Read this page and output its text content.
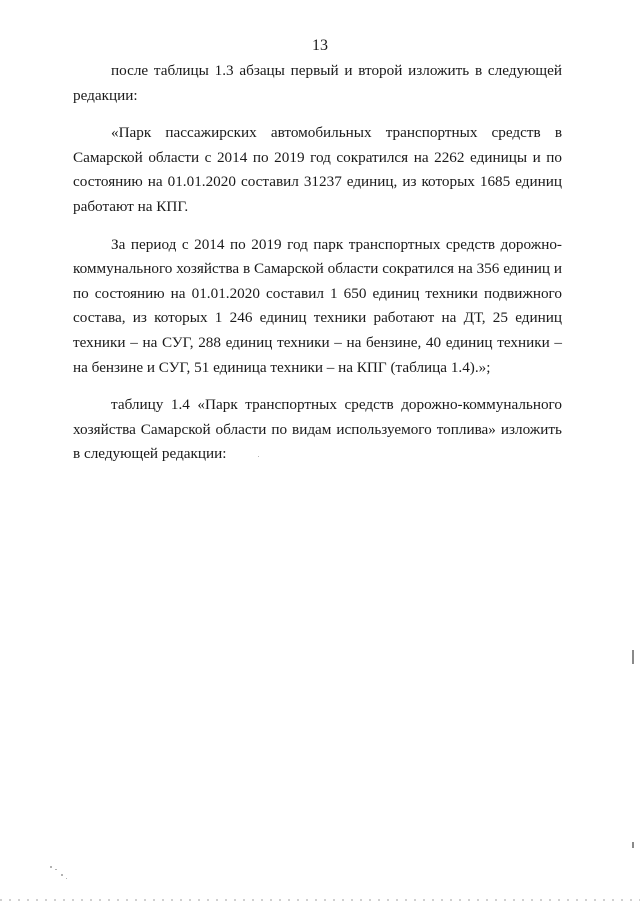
13

после таблицы 1.3 абзацы первый и второй изложить в следующей редакции:

«Парк пассажирских автомобильных транспортных средств в Самарской области с 2014 по 2019 год сократился на 2262 единицы и по состоянию на 01.01.2020 составил 31237 единиц, из которых 1685 единиц работают на КПГ.

За период с 2014 по 2019 год парк транспортных средств дорожно-коммунального хозяйства в Самарской области сократился на 356 единиц и по состоянию на 01.01.2020 составил 1 650 единиц техники подвижного состава, из которых 1 246 единиц техники работают на ДТ, 25 единиц техники – на СУГ, 288 единиц техники – на бензине, 40 единиц техники – на бензине и СУГ, 51 единица техники – на КПГ (таблица 1.4).»;

таблицу 1.4 «Парк транспортных средств дорожно-коммунального хозяйства Самарской области по видам используемого топлива» изложить в следующей редакции:
